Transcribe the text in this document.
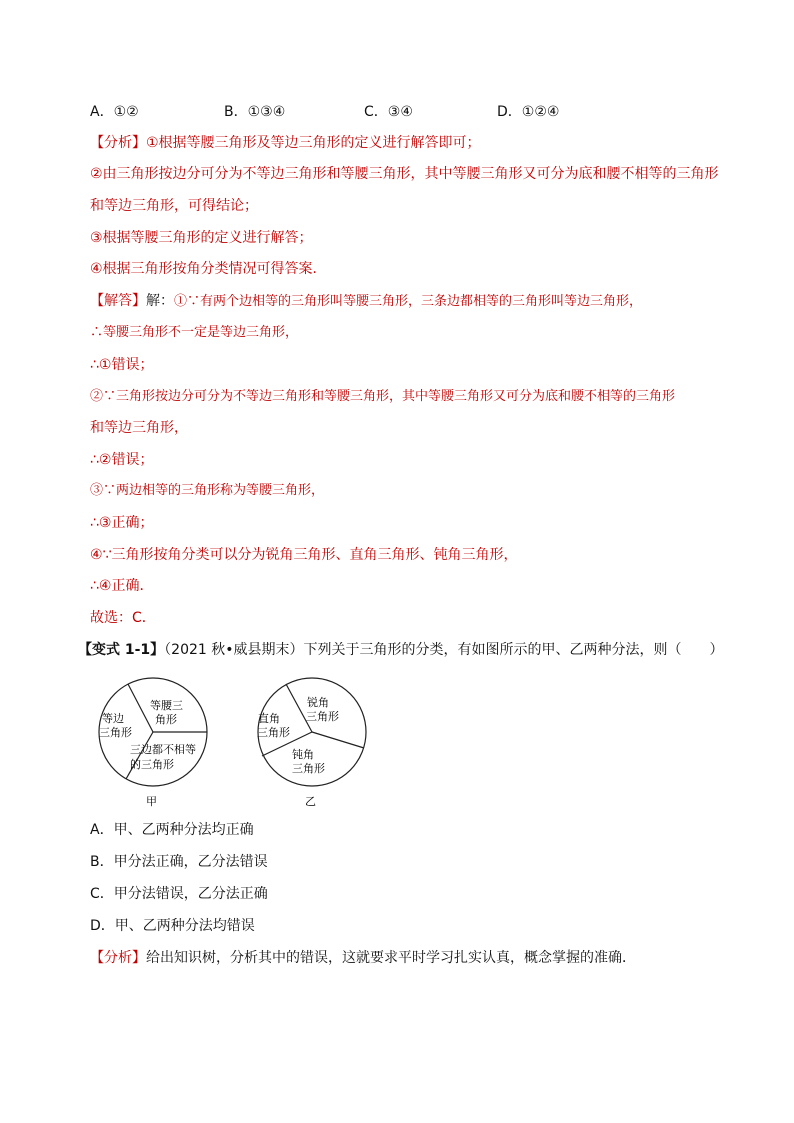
A．①②	B．①③④	C．③④	D．①②④
【分析】①根据等腰三角形及等边三角形的定义进行解答即可；
②由三角形按边分可分为不等边三角形和等腰三角形，其中等腰三角形又可分为底和腰不相等的三角形
和等边三角形，可得结论；
③根据等腰三角形的定义进行解答；
④根据三角形按角分类情况可得答案．
【解答】解：①∵有两个边相等的三角形叫等腰三角形，三条边都相等的三角形叫等边三角形，
∴等腰三角形不一定是等边三角形，
∴①错误；
②∵三角形按边分可分为不等边三角形和等腰三角形，其中等腰三角形又可分为底和腰不相等的三角形
和等边三角形，
∴②错误；
③∵两边相等的三角形称为等腰三角形，
∴③正确；
④∵三角形按角分类可以分为锐角三角形、直角三角形、钝角三角形，
∴④正确．
故选：C．
【变式 1-1】（2021 秋•威县期末）下列关于三角形的分类，有如图所示的甲、乙两种分法，则（　　）
等腰三
角形
等边
三角形
三边都不相等
的三角形
甲
锐角
三角形
直角
三角形
钝角
三角形
乙
A．甲、乙两种分法均正确
B．甲分法正确，乙分法错误
C．甲分法错误，乙分法正确
D．甲、乙两种分法均错误
【分析】给出知识树，分析其中的错误，这就要求平时学习扎实认真，概念掌握的准确．
